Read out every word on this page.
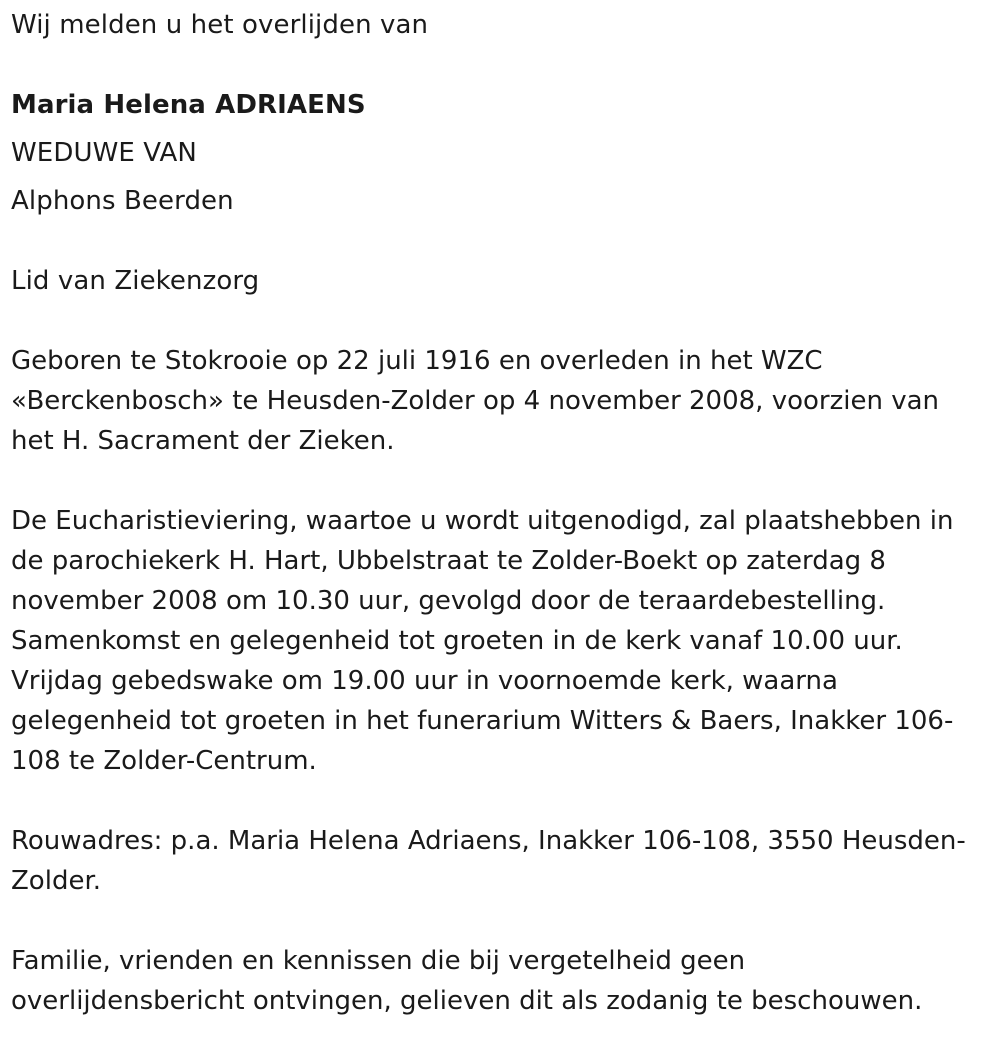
Wij melden u het overlijden van

Maria Helena ADRIAENS

WEDUWE VAN

Alphons Beerden

Lid van Ziekenzorg

Geboren te Stokrooie op 22 juli 1916 en overleden in het WZC «Berckenbosch» te Heusden-Zolder op 4 november 2008, voorzien van het H. Sacrament der Zieken.

De Eucharistieviering, waartoe u wordt uitgenodigd, zal plaatshebben in de parochiekerk H. Hart, Ubbelstraat te Zolder-Boekt op zaterdag 8 november 2008 om 10.30 uur, gevolgd door de teraardebestelling. Samenkomst en gelegenheid tot groeten in de kerk vanaf 10.00 uur. Vrijdag gebedswake om 19.00 uur in voornoemde kerk, waarna gelegenheid tot groeten in het funerarium Witters & Baers, Inakker 106-108 te Zolder-Centrum.

Rouwadres: p.a. Maria Helena Adriaens, Inakker 106-108, 3550 Heusden-Zolder.

Familie, vrienden en kennissen die bij vergetelheid geen overlijdensbericht ontvingen, gelieven dit als zodanig te beschouwen.
